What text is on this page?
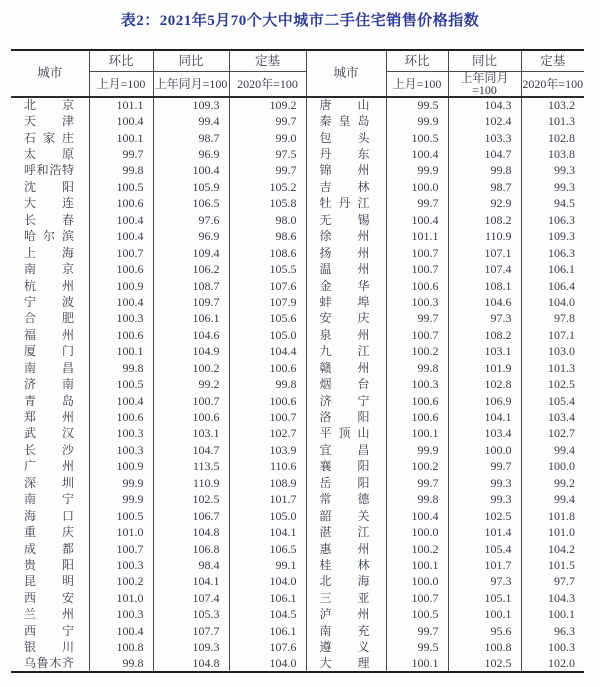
表2：2021年5月70个大中城市二手住宅销售价格指数
城市	环比	同比	定基	城市	环比	同比	定基
	上月=100	上年同月=100	2020年=100		上月=100	上年同月=100	2020年=100
北京	101.1	109.3	109.2	唐山	99.5	104.3	103.2
天津	100.4	99.4	99.7	秦皇岛	99.9	102.4	101.3
石家庄	100.1	98.7	99.0	包头	100.5	103.3	102.8
太原	99.7	96.9	97.5	丹东	100.4	104.7	103.8
呼和浩特	99.8	100.4	99.7	锦州	99.9	99.8	99.3
沈阳	100.5	105.9	105.2	吉林	100.0	98.7	99.3
大连	100.6	106.5	105.8	牡丹江	99.7	92.9	94.5
长春	100.4	97.6	98.0	无锡	100.4	108.2	106.3
哈尔滨	100.4	96.9	98.6	徐州	101.1	110.9	109.3
上海	100.7	109.4	108.6	扬州	100.7	107.1	106.3
南京	100.6	106.2	105.5	温州	100.7	107.4	106.1
杭州	100.9	108.7	107.6	金华	100.6	108.1	106.4
宁波	100.4	109.7	107.9	蚌埠	100.3	104.6	104.0
合肥	100.3	106.1	105.6	安庆	99.7	97.3	97.8
福州	100.6	104.6	105.0	泉州	100.7	108.2	107.1
厦门	100.1	104.9	104.4	九江	100.2	103.1	103.0
南昌	99.8	100.2	100.6	赣州	99.8	101.9	101.3
济南	100.5	99.2	99.8	烟台	100.3	102.8	102.5
青岛	100.4	100.7	100.6	济宁	100.6	106.9	105.4
郑州	100.6	100.6	100.7	洛阳	100.6	104.1	103.4
武汉	100.3	103.1	102.7	平顶山	100.1	103.4	102.7
长沙	100.3	104.7	103.9	宜昌	99.9	100.0	99.4
广州	100.9	113.5	110.6	襄阳	100.2	99.7	100.0
深圳	99.9	110.9	108.9	岳阳	99.7	99.3	99.2
南宁	99.9	102.5	101.7	常德	99.8	99.3	99.4
海口	100.5	106.7	105.0	韶关	100.4	102.5	101.8
重庆	101.0	104.8	104.1	湛江	100.0	101.4	101.0
成都	100.7	106.8	106.5	惠州	100.2	105.4	104.2
贵阳	100.3	98.4	99.1	桂林	100.1	101.7	101.5
昆明	100.2	104.1	104.0	北海	100.0	97.3	97.7
西安	101.0	107.4	106.1	三亚	100.7	105.1	104.3
兰州	100.3	105.3	104.5	泸州	100.5	100.1	100.1
西宁	100.4	107.7	106.1	南充	99.7	95.6	96.3
银川	100.8	109.3	107.6	遵义	99.5	100.8	100.3
乌鲁木齐	99.8	104.8	104.0	大理	100.1	102.5	102.0
